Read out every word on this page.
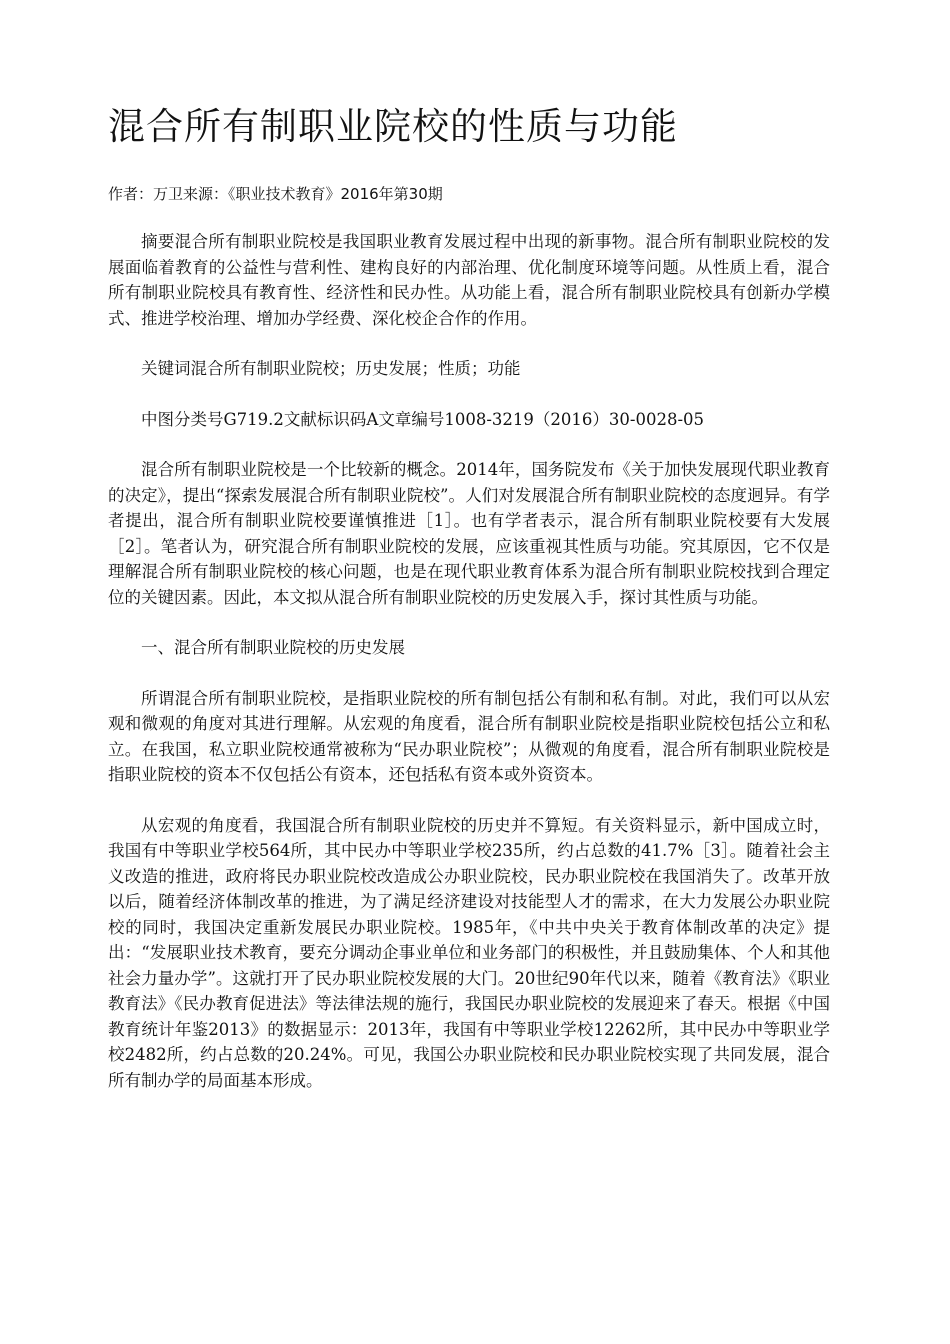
混合所有制职业院校的性质与功能
作者：万卫来源：《职业技术教育》2016年第30期

摘要混合所有制职业院校是我国职业教育发展过程中出现的新事物。混合所有制职业院校的发展面临着教育的公益性与营利性、建构良好的内部治理、优化制度环境等问题。从性质上看，混合所有制职业院校具有教育性、经济性和民办性。从功能上看，混合所有制职业院校具有创新办学模式、推进学校治理、增加办学经费、深化校企合作的作用。

关键词混合所有制职业院校；历史发展；性质；功能

中图分类号G719.2文献标识码A文章编号1008-3219（2016）30-0028-05

混合所有制职业院校是一个比较新的概念。2014年，国务院发布《关于加快发展现代职业教育的决定》，提出“探索发展混合所有制职业院校”。人们对发展混合所有制职业院校的态度迥异。有学者提出，混合所有制职业院校要谨慎推进［1］。也有学者表示，混合所有制职业院校要有大发展［2］。笔者认为，研究混合所有制职业院校的发展，应该重视其性质与功能。究其原因，它不仅是理解混合所有制职业院校的核心问题，也是在现代职业教育体系为混合所有制职业院校找到合理定位的关键因素。因此，本文拟从混合所有制职业院校的历史发展入手，探讨其性质与功能。

一、混合所有制职业院校的历史发展

所谓混合所有制职业院校，是指职业院校的所有制包括公有制和私有制。对此，我们可以从宏观和微观的角度对其进行理解。从宏观的角度看，混合所有制职业院校是指职业院校包括公立和私立。在我国，私立职业院校通常被称为“民办职业院校”；从微观的角度看，混合所有制职业院校是指职业院校的资本不仅包括公有资本，还包括私有资本或外资资本。

从宏观的角度看，我国混合所有制职业院校的历史并不算短。有关资料显示，新中国成立时，我国有中等职业学校564所，其中民办中等职业学校235所，约占总数的41.7%［3］。随着社会主义改造的推进，政府将民办职业院校改造成公办职业院校，民办职业院校在我国消失了。改革开放以后，随着经济体制改革的推进，为了满足经济建设对技能型人才的需求，在大力发展公办职业院校的同时，我国决定重新发展民办职业院校。1985年，《中共中央关于教育体制改革的决定》提出：“发展职业技术教育，要充分调动企事业单位和业务部门的积极性，并且鼓励集体、个人和其他社会力量办学”。这就打开了民办职业院校发展的大门。20世纪90年代以来，随着《教育法》《职业教育法》《民办教育促进法》等法律法规的施行，我国民办职业院校的发展迎来了春天。根据《中国教育统计年鉴2013》的数据显示：2013年，我国有中等职业学校12262所，其中民办中等职业学校2482所，约占总数的20.24%。可见，我国公办职业院校和民办职业院校实现了共同发展，混合所有制办学的局面基本形成。
